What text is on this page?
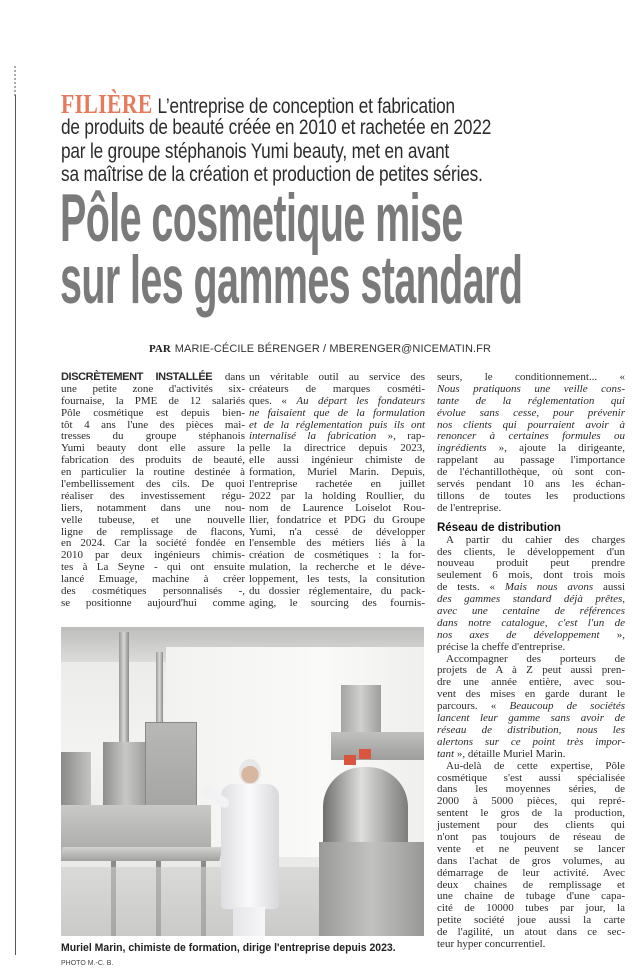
FILIÈRE L’entreprise de conception et fabrication
de produits de beauté créée en 2010 et rachetée en 2022
par le groupe stéphanois Yumi beauty, met en avant
sa maîtrise de la création et production de petites séries.
Pôle cosmetique mise
sur les gammes standard
PAR MARIE-CÉCILE BÉRENGER / MBERENGER@NICEMATIN.FR
DISCRÈTEMENT INSTALLÉE dans
une petite zone d'activités six-
fournaise, la PME de 12 salariés
Pôle cosmétique est depuis bien-
tôt 4 ans l'une des pièces mai-
tresses du groupe stéphanois
Yumi beauty dont elle assure la
fabrication des produits de beauté,
en particulier la routine destinée à
l'embellissement des cils. De quoi
réaliser des investissement régu-
liers, notamment dans une nou-
velle tubeuse, et une nouvelle
ligne de remplissage de flacons,
en 2024. Car la société fondée en
2010 par deux ingénieurs chimis-
tes à La Seyne - qui ont ensuite
lancé Emuage, machine à créer
des cosmétiques personnalisés -,
se positionne aujourd'hui comme
un véritable outil au service des
créateurs de marques cosméti-
ques. « Au départ les fondateurs
ne faisaient que de la formulation
et de la réglementation puis ils ont
internalisé la fabrication », rap-
pelle la directrice depuis 2023,
elle aussi ingénieur chimiste de
formation, Muriel Marin. Depuis,
l'entreprise rachetée en juillet
2022 par la holding Roullier, du
nom de Laurence Loiselot Rou-
llier, fondatrice et PDG du Groupe
Yumi, n'a cessé de développer
l'ensemble des métiers liés à la
création de cosmétiques : la for-
mulation, la recherche et le déve-
loppement, les tests, la consitution
du dossier réglementaire, du pack-
aging, le sourcing des fournis-
seurs, le conditionnement... «
Nous pratiquons une veille cons-
tante de la réglementation qui
évolue sans cesse, pour prévenir
nos clients qui pourraient avoir à
renoncer à certaines formules ou
ingrédients », ajoute la dirigeante,
rappelant au passage l'importance
de l'échantillothèque, où sont con-
servés pendant 10 ans les échan-
tillons de toutes les productions
de l'entreprise.
Réseau de distribution
A partir du cahier des charges
des clients, le développement d'un
nouveau produit peut prendre
seulement 6 mois, dont trois mois
de tests. « Mais nous avons aussi
des gammes standard déjà prêtes,
avec une centaine de références
dans notre catalogue, c'est l'un de
nos axes de développement »,
précise la cheffe d'entreprise.
Accompagner des porteurs de
projets de A à Z peut aussi pren-
dre une année entière, avec sou-
vent des mises en garde durant le
parcours. « Beaucoup de sociétés
lancent leur gamme sans avoir de
réseau de distribution, nous les
alertons sur ce point très impor-
tant », détaille Muriel Marin.
Au-delà de cette expertise, Pôle
cosmétique s'est aussi spécialisée
dans les moyennes séries, de
2000 à 5000 pièces, qui repré-
sentent le gros de la production,
justement pour des clients qui
n'ont pas toujours de réseau de
vente et ne peuvent se lancer
dans l'achat de gros volumes, au
démarrage de leur activité. Avec
deux chaines de remplissage et
une chaine de tubage d'une capa-
cité de 10000 tubes par jour, la
petite société joue aussi la carte
de l'agilité, un atout dans ce sec-
teur hyper concurrentiel.
Muriel Marin, chimiste de formation, dirige l'entreprise depuis 2023.
PHOTO M.-C. B.
